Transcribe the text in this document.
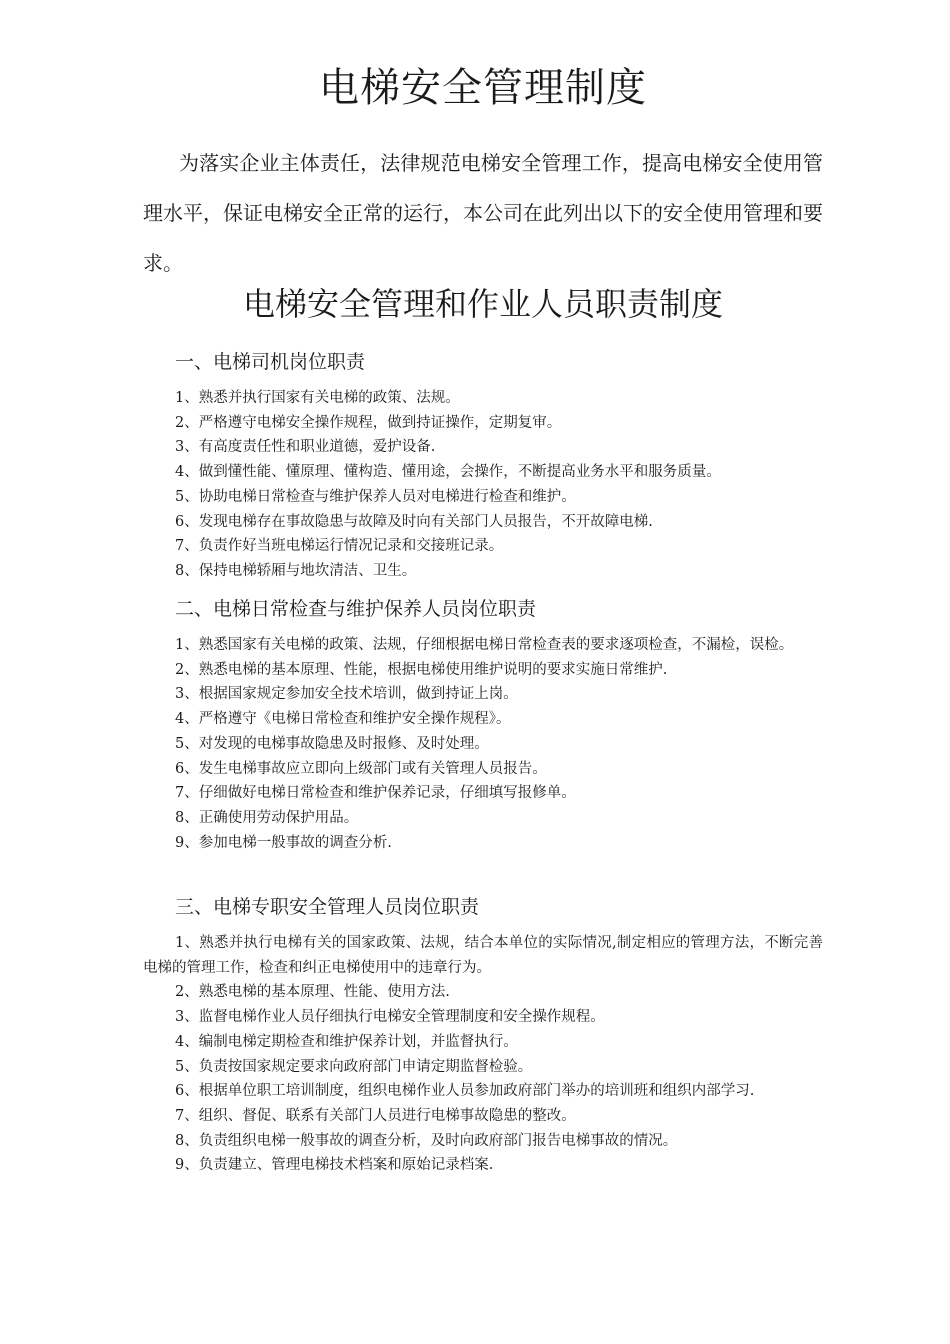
电梯安全管理制度

为落实企业主体责任，法律规范电梯安全管理工作，提高电梯安全使用管理水平，保证电梯安全正常的运行，本公司在此列出以下的安全使用管理和要求。

电梯安全管理和作业人员职责制度
一、电梯司机岗位职责

1、熟悉并执行国家有关电梯的政策、法规。

2、严格遵守电梯安全操作规程，做到持证操作，定期复审。

3、有高度责任性和职业道德，爱护设备.

4、做到懂性能、懂原理、懂构造、懂用途，会操作，不断提高业务水平和服务质量。

5、协助电梯日常检查与维护保养人员对电梯进行检查和维护。

6、发现电梯存在事故隐患与故障及时向有关部门人员报告，不开故障电梯.

7、负责作好当班电梯运行情况记录和交接班记录。

8、保持电梯轿厢与地坎清洁、卫生。

二、电梯日常检查与维护保养人员岗位职责

1、熟悉国家有关电梯的政策、法规，仔细根据电梯日常检查表的要求逐项检查，不漏检，误检。

2、熟悉电梯的基本原理、性能，根据电梯使用维护说明的要求实施日常维护.

3、根据国家规定参加安全技术培训，做到持证上岗。

4、严格遵守《电梯日常检查和维护安全操作规程》。

5、对发现的电梯事故隐患及时报修、及时处理。

6、发生电梯事故应立即向上级部门或有关管理人员报告。

7、仔细做好电梯日常检查和维护保养记录，仔细填写报修单。

8、正确使用劳动保护用品。

9、参加电梯一般事故的调查分析.

三、电梯专职安全管理人员岗位职责

1、熟悉并执行电梯有关的国家政策、法规，结合本单位的实际情况,制定相应的管理方法，不断完善电梯的管理工作，检查和纠正电梯使用中的违章行为。

2、熟悉电梯的基本原理、性能、使用方法.

3、监督电梯作业人员仔细执行电梯安全管理制度和安全操作规程。

4、编制电梯定期检查和维护保养计划，并监督执行。

5、负责按国家规定要求向政府部门申请定期监督检验。

6、根据单位职工培训制度，组织电梯作业人员参加政府部门举办的培训班和组织内部学习.

7、组织、督促、联系有关部门人员进行电梯事故隐患的整改。

8、负责组织电梯一般事故的调查分析，及时向政府部门报告电梯事故的情况。

9、负责建立、管理电梯技术档案和原始记录档案.
